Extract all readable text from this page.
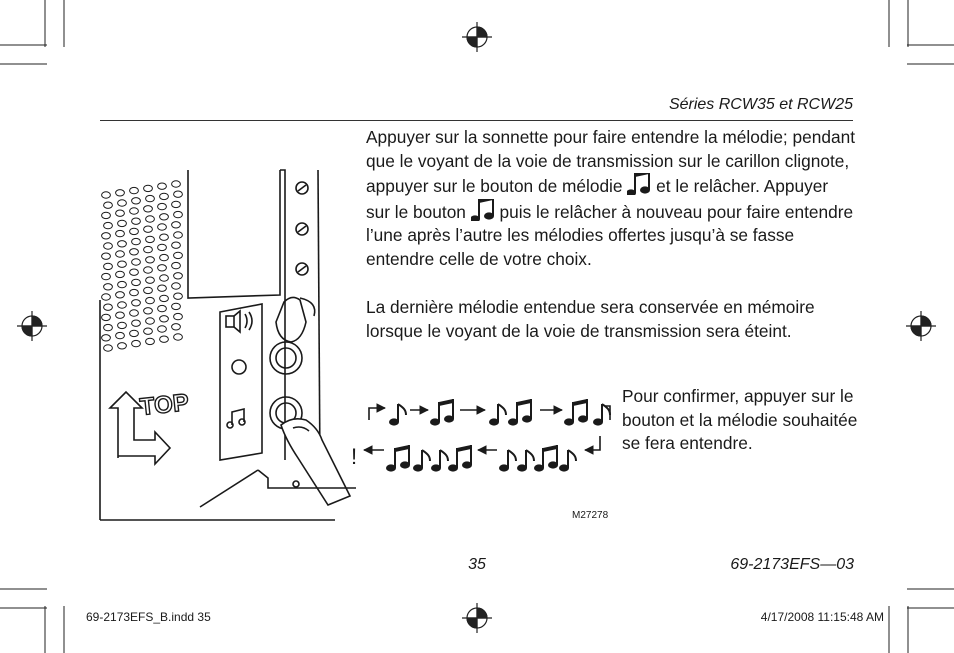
!
TOP
Séries RCW35 et RCW25

Appuyer sur la sonnette pour faire entendre la mélodie; pendant que le voyant de la voie de transmission sur le carillon clignote, appuyer sur le bouton de mélodie et le relâcher. Appuyer sur le bouton puis le relâcher à nouveau pour faire entendre l’une après l’autre les mélodies offertes jusqu’à se fasse entendre celle de votre choix.

La dernière mélodie entendue sera conservée en mémoire lorsque le voyant de la voie de transmission sera éteint.

Pour confirmer, appuyer sur le bouton et la mélodie souhaitée se fera entendre.

M27278
35	69-2173EFS—03
69-2173EFS_B.indd 35	4/17/2008 11:15:48 AM
